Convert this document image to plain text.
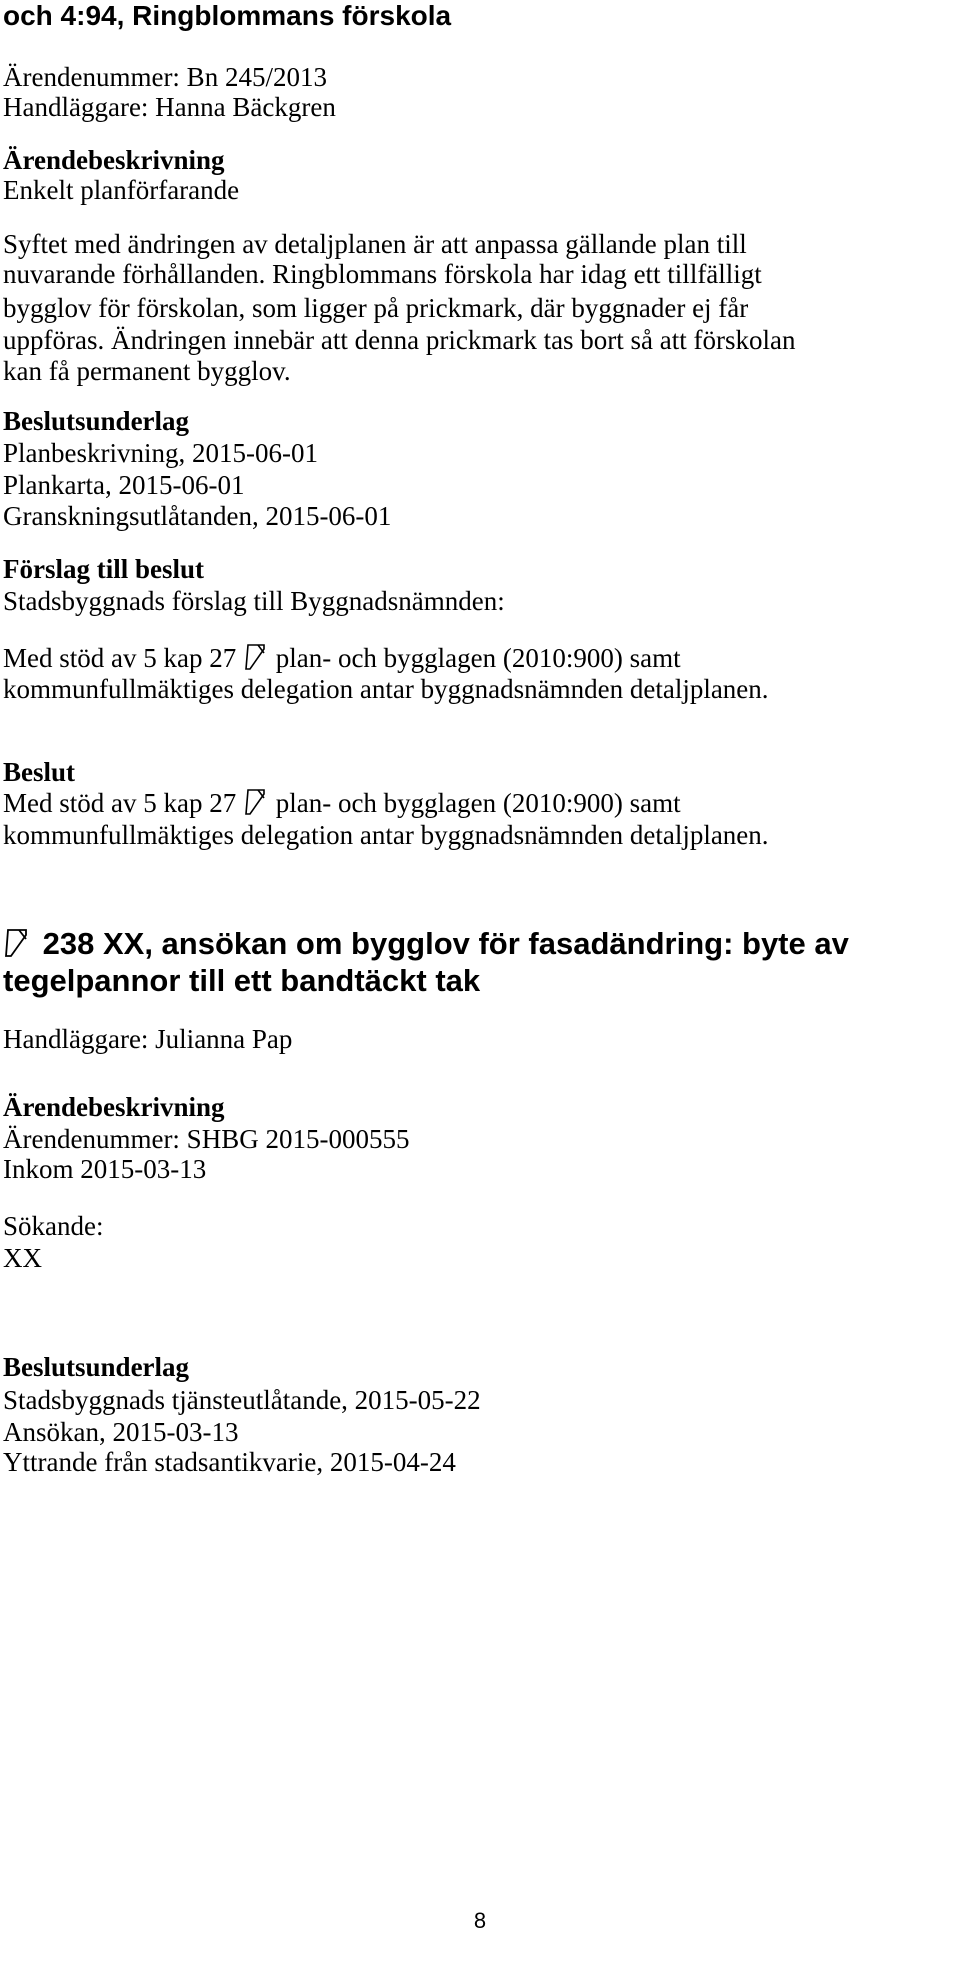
och 4:94, Ringblommans förskola
Ärendenummer: Bn 245/2013
Handläggare: Hanna Bäckgren
Ärendebeskrivning
Enkelt planförfarande
Syftet med ändringen av detaljplanen är att anpassa gällande plan till
nuvarande förhållanden. Ringblommans förskola har idag ett tillfälligt
bygglov för förskolan, som ligger på prickmark, där byggnader ej får
uppföras. Ändringen innebär att denna prickmark tas bort så att förskolan
kan få permanent bygglov.
Beslutsunderlag
Planbeskrivning, 2015-06-01
Plankarta, 2015-06-01
Granskningsutlåtanden, 2015-06-01
Förslag till beslut
Stadsbyggnads förslag till Byggnadsnämnden:
Med stöd av 5 kap 27 plan- och bygglagen (2010:900) samt
kommunfullmäktiges delegation antar byggnadsnämnden detaljplanen.
Beslut
Med stöd av 5 kap 27 plan- och bygglagen (2010:900) samt
kommunfullmäktiges delegation antar byggnadsnämnden detaljplanen.
238 XX, ansökan om bygglov för fasadändring: byte av
tegelpannor till ett bandtäckt tak
Handläggare: Julianna Pap
Ärendebeskrivning
Ärendenummer: SHBG 2015-000555
Inkom 2015-03-13
Sökande:
XX
Beslutsunderlag
Stadsbyggnads tjänsteutlåtande, 2015-05-22
Ansökan, 2015-03-13
Yttrande från stadsantikvarie, 2015-04-24
8
